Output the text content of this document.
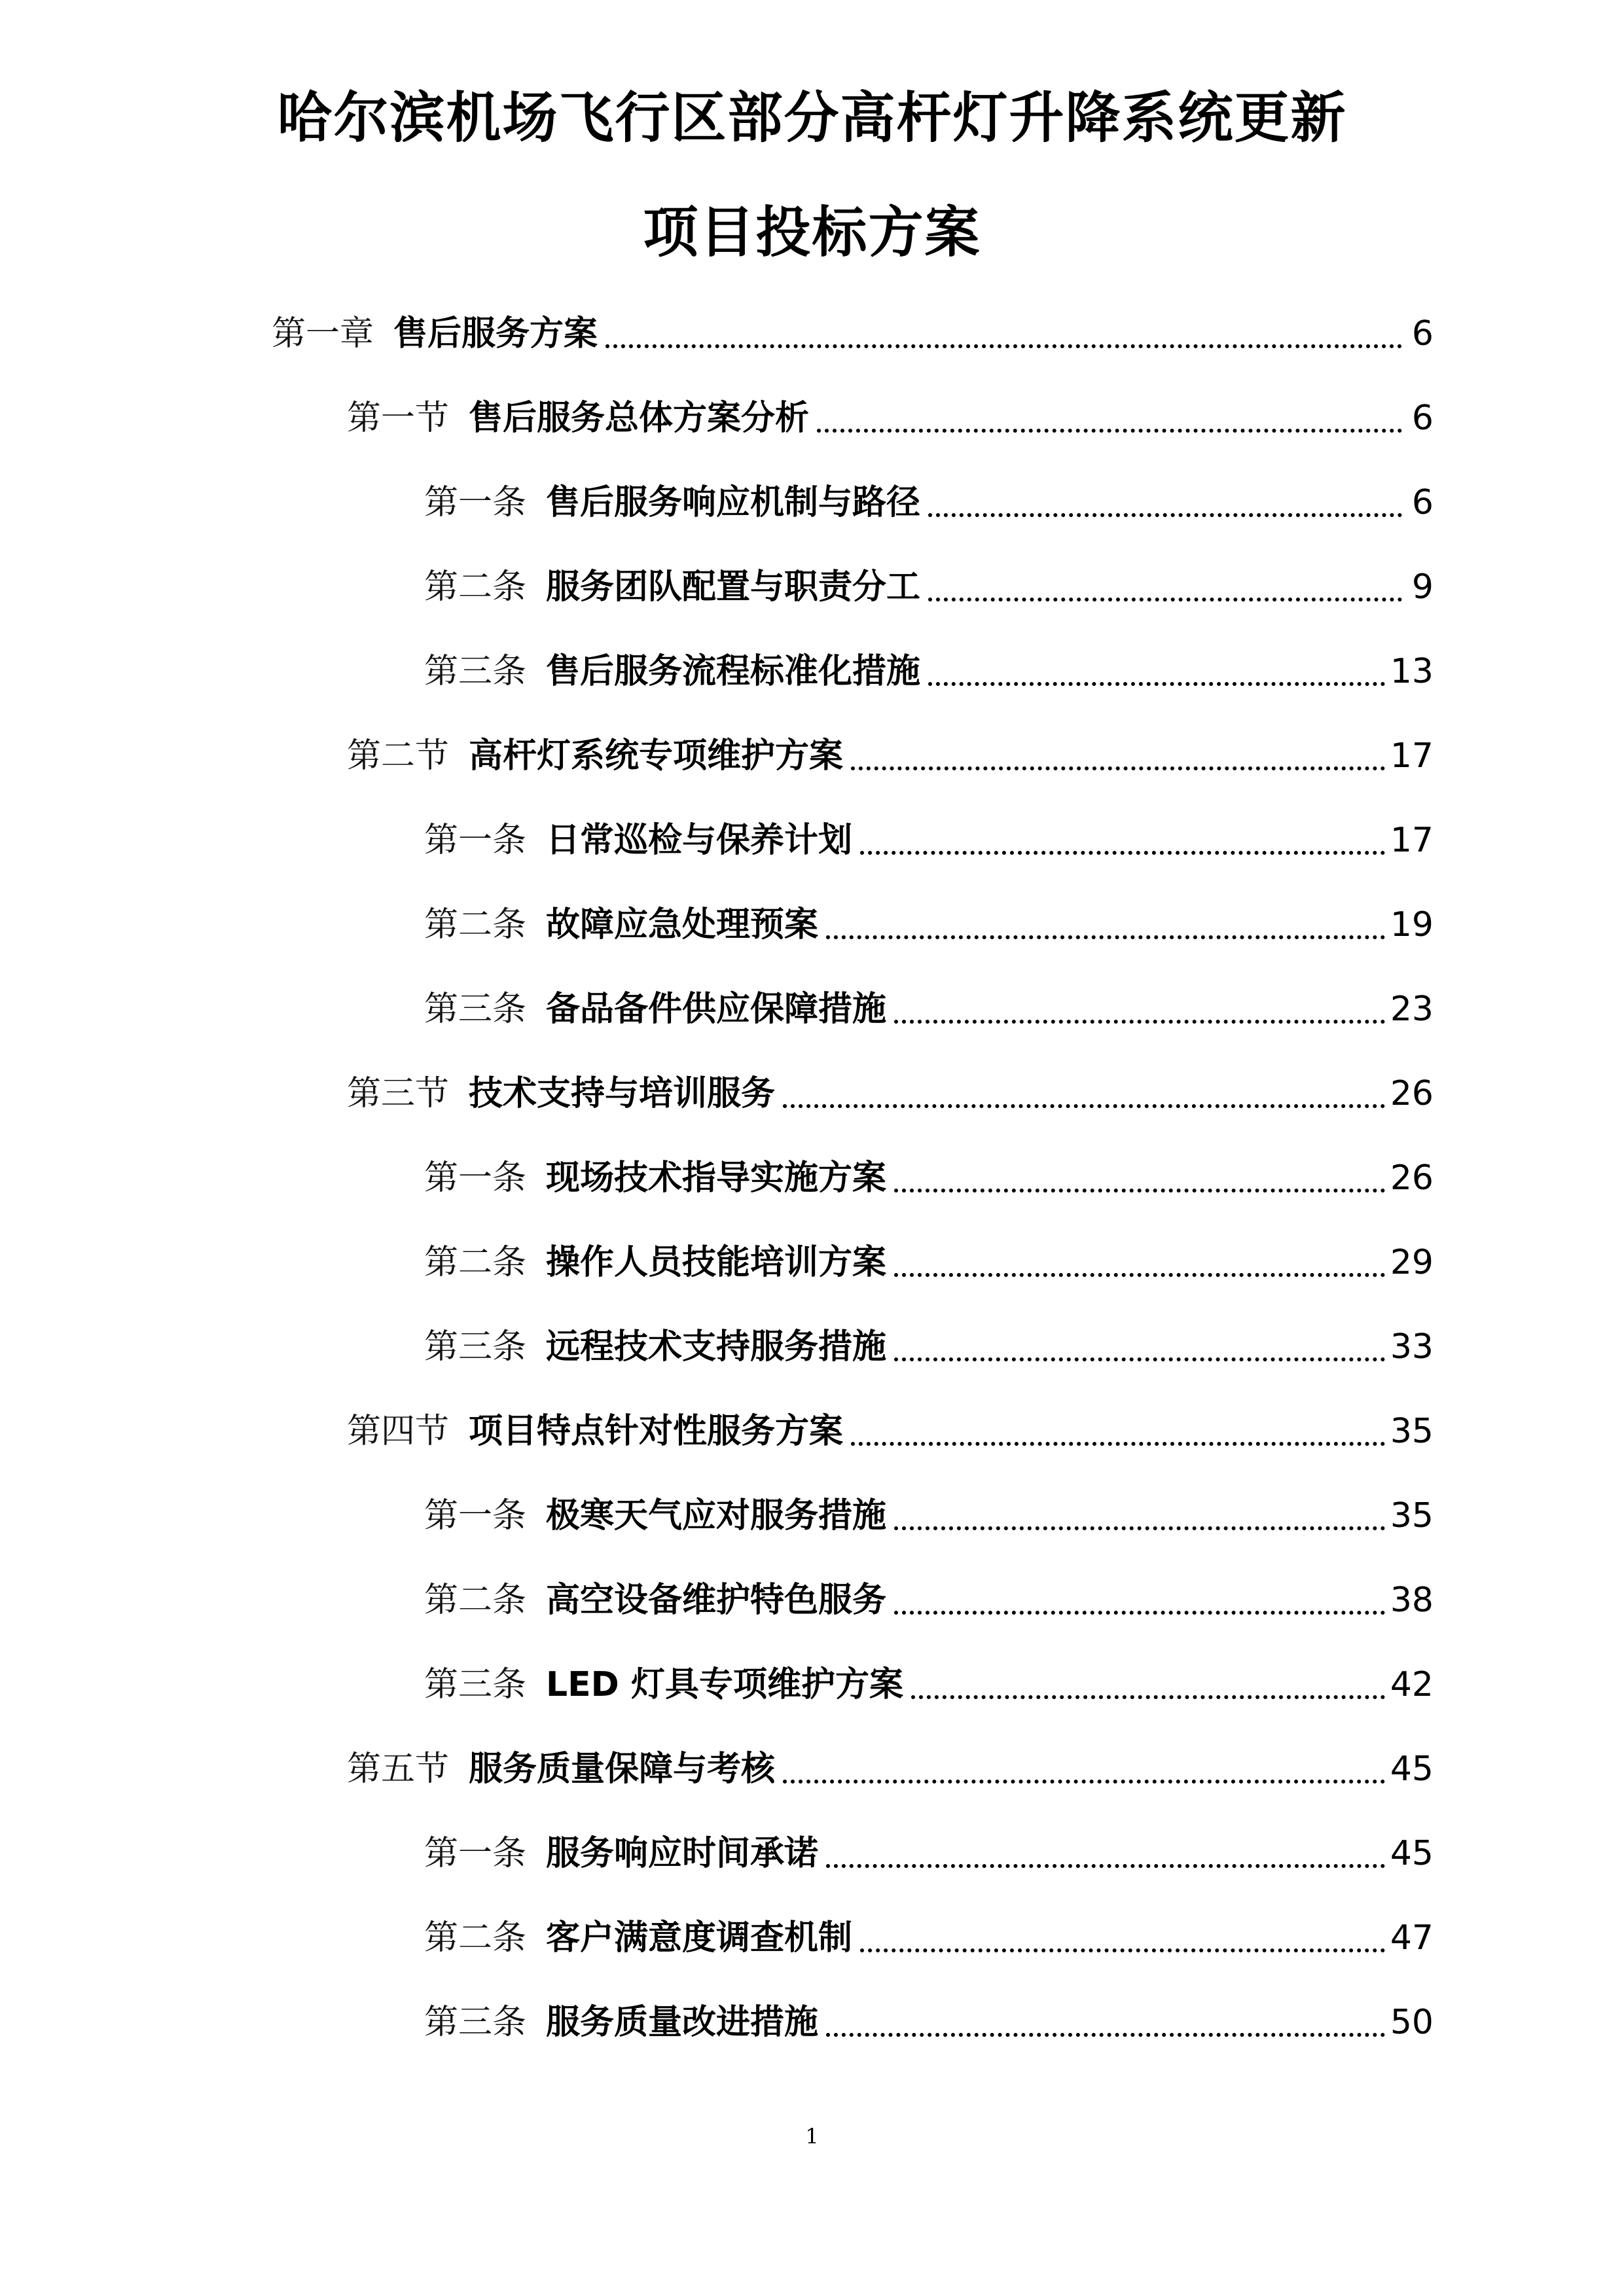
哈尔滨机场飞行区部分高杆灯升降系统更新
项目投标方案
第一章 售后服务方案	6
第一节 售后服务总体方案分析	6
第一条 售后服务响应机制与路径	6
第二条 服务团队配置与职责分工	9
第三条 售后服务流程标准化措施	13
第二节 高杆灯系统专项维护方案	17
第一条 日常巡检与保养计划	17
第二条 故障应急处理预案	19
第三条 备品备件供应保障措施	23
第三节 技术支持与培训服务	26
第一条 现场技术指导实施方案	26
第二条 操作人员技能培训方案	29
第三条 远程技术支持服务措施	33
第四节 项目特点针对性服务方案	35
第一条 极寒天气应对服务措施	35
第二条 高空设备维护特色服务	38
第三条 LED 灯具专项维护方案	42
第五节 服务质量保障与考核	45
第一条 服务响应时间承诺	45
第二条 客户满意度调查机制	47
第三条 服务质量改进措施	50
1
